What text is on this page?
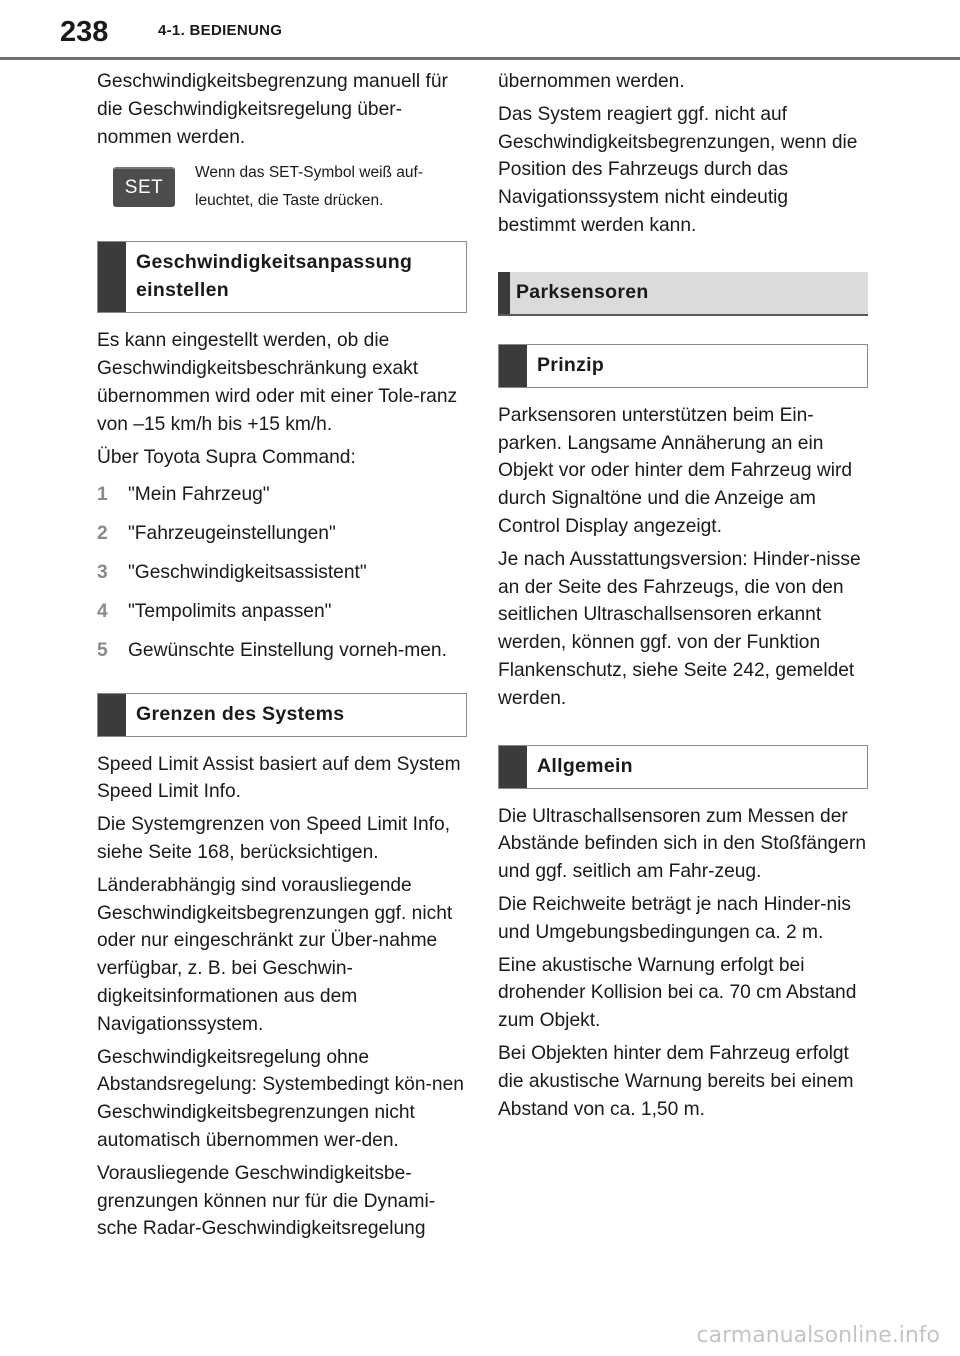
238	4-1. BEDIENUNG

Geschwindigkeitsbegrenzung manuell für die Geschwindigkeitsregelung über-nommen werden.

SET
Wenn das SET-Symbol weiß auf-leuchtet, die Taste drücken.
Geschwindigkeitsanpassung einstellen

Es kann eingestellt werden, ob die Geschwindigkeitsbeschränkung exakt übernommen wird oder mit einer Tole-ranz von –15 km/h bis +15 km/h.

Über Toyota Supra Command:

1	"Mein Fahrzeug"
2	"Fahrzeugeinstellungen"
3	"Geschwindigkeitsassistent"
4	"Tempolimits anpassen"
5	Gewünschte Einstellung vorneh-men.
Grenzen des Systems

Speed Limit Assist basiert auf dem System Speed Limit Info.

Die Systemgrenzen von Speed Limit Info, siehe Seite 168, berücksichtigen.

Länderabhängig sind vorausliegende Geschwindigkeitsbegrenzungen ggf. nicht oder nur eingeschränkt zur Über-nahme verfügbar, z. B. bei Geschwin-digkeitsinformationen aus dem Navigationssystem.

Geschwindigkeitsregelung ohne Abstandsregelung: Systembedingt kön-nen Geschwindigkeitsbegrenzungen nicht automatisch übernommen wer-den.

Vorausliegende Geschwindigkeitsbe-grenzungen können nur für die Dynami-sche Radar-Geschwindigkeitsregelung

übernommen werden.

Das System reagiert ggf. nicht auf Geschwindigkeitsbegrenzungen, wenn die Position des Fahrzeugs durch das Navigationssystem nicht eindeutig bestimmt werden kann.

Parksensoren
Prinzip

Parksensoren unterstützen beim Ein-parken. Langsame Annäherung an ein Objekt vor oder hinter dem Fahrzeug wird durch Signaltöne und die Anzeige am Control Display angezeigt.

Je nach Ausstattungsversion: Hinder-nisse an der Seite des Fahrzeugs, die von den seitlichen Ultraschallsensoren erkannt werden, können ggf. von der Funktion Flankenschutz, siehe Seite 242, gemeldet werden.

Allgemein

Die Ultraschallsensoren zum Messen der Abstände befinden sich in den Stoßfängern und ggf. seitlich am Fahr-zeug.

Die Reichweite beträgt je nach Hinder-nis und Umgebungsbedingungen ca. 2 m.

Eine akustische Warnung erfolgt bei drohender Kollision bei ca. 70 cm Abstand zum Objekt.

Bei Objekten hinter dem Fahrzeug erfolgt die akustische Warnung bereits bei einem Abstand von ca. 1,50 m.

carmanualsonline.info
